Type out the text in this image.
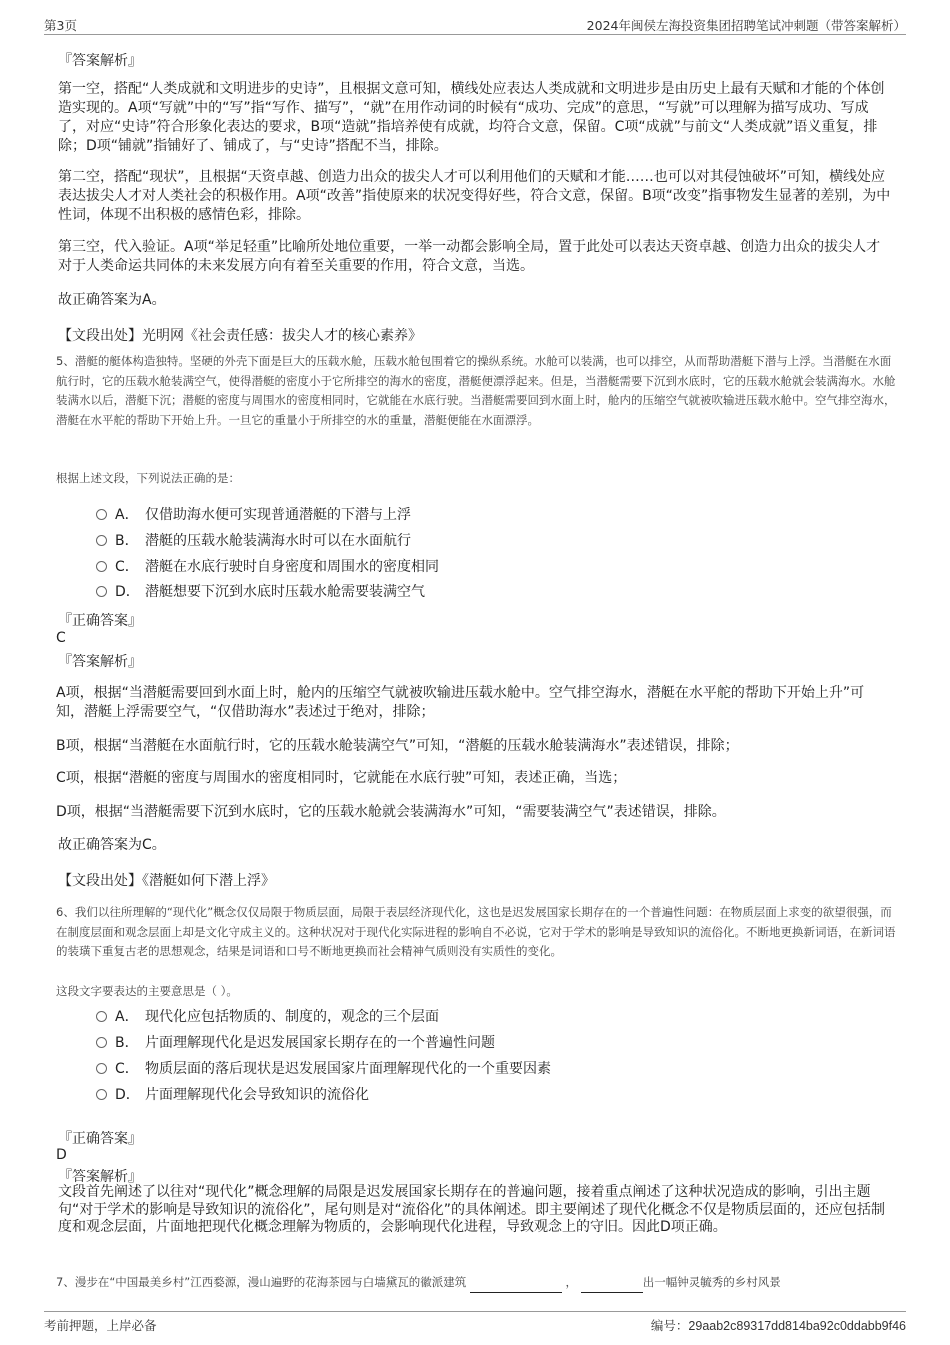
第3页	2024年闽侯左海投资集团招聘笔试冲刺题（带答案解析）
『答案解析』
第一空，搭配“人类成就和文明进步的史诗”，且根据文意可知，横线处应表达人类成就和文明进步是由历史上最有天赋和才能的个体创造实现的。A项“写就”中的“写”指“写作、描写”，“就”在用作动词的时候有“成功、完成”的意思，“写就”可以理解为描写成功、写成了，对应“史诗”符合形象化表达的要求，B项“造就”指培养使有成就，均符合文意，保留。C项“成就”与前文“人类成就”语义重复，排除；D项“铺就”指铺好了、铺成了，与“史诗”搭配不当，排除。
第二空，搭配“现状”，且根据“天资卓越、创造力出众的拔尖人才可以利用他们的天赋和才能……也可以对其侵蚀破坏”可知，横线处应表达拔尖人才对人类社会的积极作用。A项“改善”指使原来的状况变得好些，符合文意，保留。B项“改变”指事物发生显著的差别，为中性词，体现不出积极的感情色彩，排除。
第三空，代入验证。A项“举足轻重”比喻所处地位重要，一举一动都会影响全局，置于此处可以表达天资卓越、创造力出众的拔尖人才对于人类命运共同体的未来发展方向有着至关重要的作用，符合文意，当选。
故正确答案为A。
【文段出处】光明网《社会责任感：拔尖人才的核心素养》
5、潜艇的艇体构造独特。坚硬的外壳下面是巨大的压载水舱，压载水舱包围着它的操纵系统。水舱可以装满，也可以排空，从而帮助潜艇下潜与上浮。当潜艇在水面航行时，它的压载水舱装满空气，使得潜艇的密度小于它所排空的海水的密度，潜艇便漂浮起来。但是，当潜艇需要下沉到水底时，它的压载水舱就会装满海水。水舱装满水以后，潜艇下沉；潜艇的密度与周围水的密度相同时，它就能在水底行驶。当潜艇需要回到水面上时，舱内的压缩空气就被吹输进压载水舱中。空气排空海水，潜艇在水平舵的帮助下开始上升。一旦它的重量小于所排空的水的重量，潜艇便能在水面漂浮。
根据上述文段，下列说法正确的是：
A． 仅借助海水便可实现普通潜艇的下潜与上浮
B． 潜艇的压载水舱装满海水时可以在水面航行
C． 潜艇在水底行驶时自身密度和周围水的密度相同
D． 潜艇想要下沉到水底时压载水舱需要装满空气
『正确答案』
C
『答案解析』
A项，根据“当潜艇需要回到水面上时，舱内的压缩空气就被吹输进压载水舱中。空气排空海水，潜艇在水平舵的帮助下开始上升”可知，潜艇上浮需要空气，“仅借助海水”表述过于绝对，排除；
B项，根据“当潜艇在水面航行时，它的压载水舱装满空气”可知，“潜艇的压载水舱装满海水”表述错误，排除；
C项，根据“潜艇的密度与周围水的密度相同时，它就能在水底行驶”可知，表述正确，当选；
D项，根据“当潜艇需要下沉到水底时，它的压载水舱就会装满海水”可知，“需要装满空气”表述错误，排除。
故正确答案为C。
【文段出处】《潜艇如何下潜上浮》
6、我们以往所理解的“现代化”概念仅仅局限于物质层面，局限于表层经济现代化，这也是迟发展国家长期存在的一个普遍性问题：在物质层面上求变的欲望很强，而在制度层面和观念层面上却是文化守成主义的。这种状况对于现代化实际进程的影响自不必说，它对于学术的影响是导致知识的流俗化。不断地更换新词语，在新词语的装璜下重复古老的思想观念，结果是词语和口号不断地更换而社会精神气质则没有实质性的变化。
这段文字要表达的主要意思是（ ）。
A． 现代化应包括物质的、制度的，观念的三个层面
B． 片面理解现代化是迟发展国家长期存在的一个普遍性问题
C． 物质层面的落后现状是迟发展国家片面理解现代化的一个重要因素
D． 片面理解现代化会导致知识的流俗化
『正确答案』
D
『答案解析』
文段首先阐述了以往对“现代化”概念理解的局限是迟发展国家长期存在的普遍问题，接着重点阐述了这种状况造成的影响，引出主题句“对于学术的影响是导致知识的流俗化”，尾句则是对“流俗化”的具体阐述。即主要阐述了现代化概念不仅是物质层面的，还应包括制度和观念层面，片面地把现代化概念理解为物质的，会影响现代化进程，导致观念上的守旧。因此D项正确。
7、漫步在“中国最美乡村”江西婺源，漫山遍野的花海茶园与白墙黛瓦的徽派建筑	，	出一幅钟灵毓秀的乡村风景
考前押题，上岸必备	编号：29aab2c89317dd814ba92c0ddabb9f46
